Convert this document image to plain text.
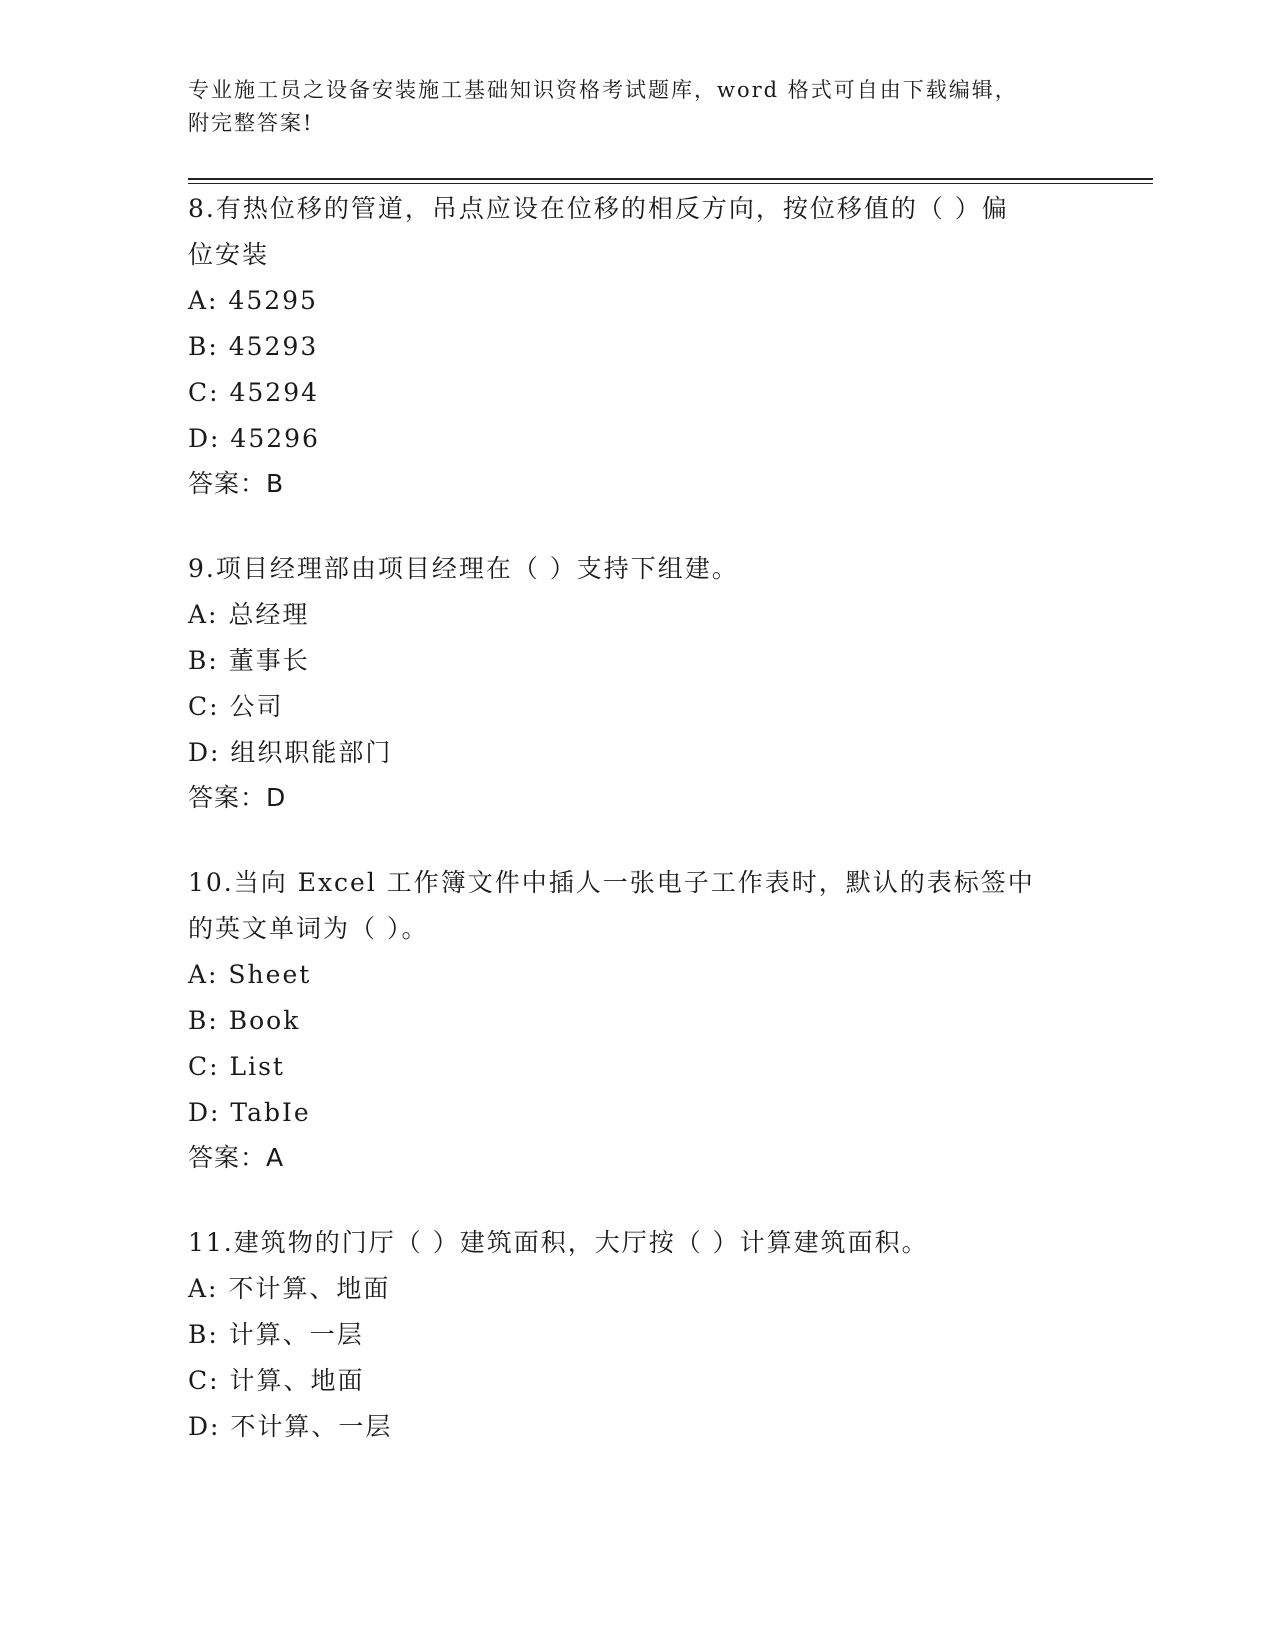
专业施工员之设备安装施工基础知识资格考试题库，word 格式可自由下载编辑，
附完整答案!

8.有热位移的管道，吊点应设在位移的相反方向，按位移值的（ ）偏

位安装

A: 45295

B: 45293

C: 45294

D: 45296

答案：B

9.项目经理部由项目经理在（ ）支持下组建。

A: 总经理

B: 董事长

C: 公司

D: 组织职能部门

答案：D

10.当向 Excel 工作簿文件中插人一张电子工作表时，默认的表标签中

的英文单词为（ ）。

A: Sheet

B: Book

C: List

D: TabIe

答案：A

11.建筑物的门厅（ ）建筑面积，大厅按（ ）计算建筑面积。

A: 不计算、地面

B: 计算、一层

C: 计算、地面

D: 不计算、一层
